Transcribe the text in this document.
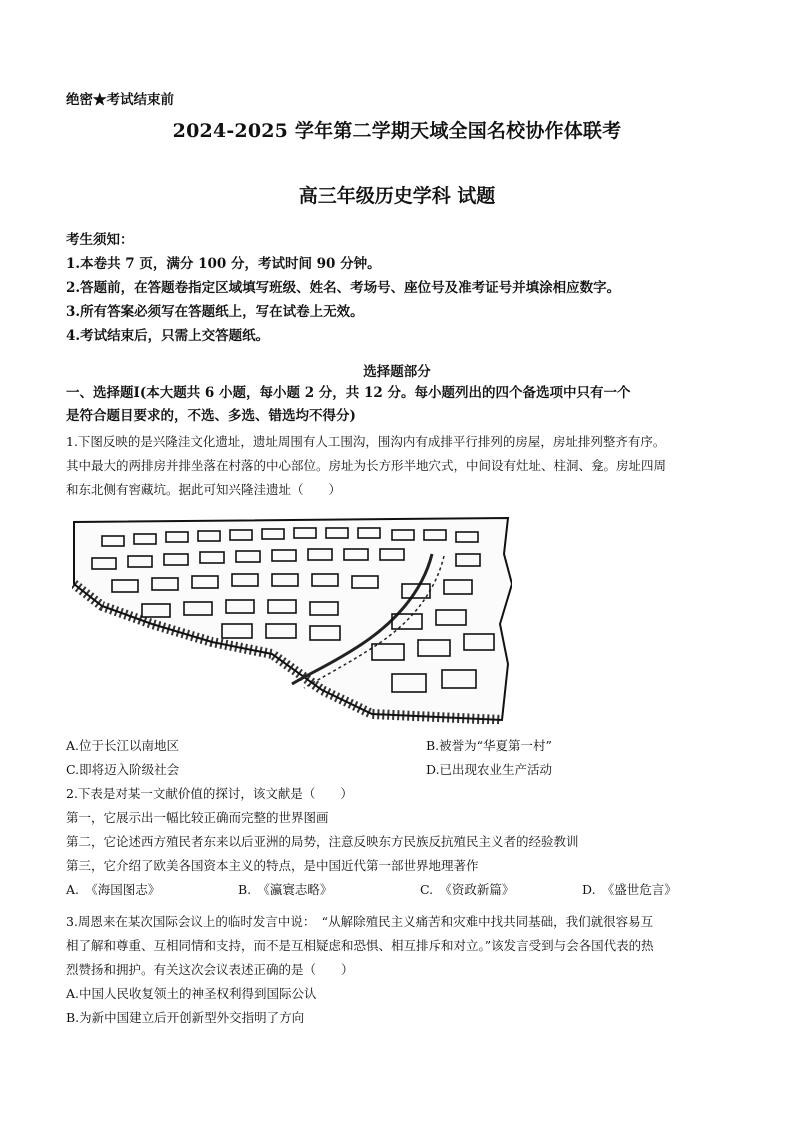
绝密★考试结束前
2024-2025 学年第二学期天域全国名校协作体联考
高三年级历史学科 试题
考生须知：
1.本卷共 7 页，满分 100 分，考试时间 90 分钟。
2.答题前，在答题卷指定区域填写班级、姓名、考场号、座位号及准考证号并填涂相应数字。
3.所有答案必须写在答题纸上，写在试卷上无效。
4.考试结束后，只需上交答题纸。
选择题部分
一、选择题Ⅰ(本大题共 6 小题，每小题 2 分，共 12 分。每小题列出的四个备选项中只有一个
是符合题目要求的，不选、多选、错选均不得分)

1.下图反映的是兴隆洼文化遗址，遗址周围有人工围沟，围沟内有成排平行排列的房屋，房址排列整齐有序。

其中最大的两排房并排坐落在村落的中心部位。房址为长方形半地穴式，中间设有灶址、柱洞、龛。房址四周

和东北侧有窖藏坑。据此可知兴隆洼遗址（　　）

A.位于长江以南地区	B.被誉为“华夏第一村”
C.即将迈入阶级社会	D.已出现农业生产活动

2.下表是对某一文献价值的探讨，该文献是（　　）

第一，它展示出一幅比较正确而完整的世界图画

第二，它论述西方殖民者东来以后亚洲的局势，注意反映东方民族反抗殖民主义者的经验教训

第三，它介绍了欧美各国资本主义的特点，是中国近代第一部世界地理著作

A.　《海国图志》	B.　《瀛寰志略》	C.　《资政新篇》	D.　《盛世危言》

3.周恩来在某次国际会议上的临时发言中说：　“从解除殖民主义痛苦和灾难中找共同基础，我们就很容易互

相了解和尊重、互相同情和支持，而不是互相疑虑和恐惧、相互排斥和对立。”该发言受到与会各国代表的热

烈赞扬和拥护。有关这次会议表述正确的是（　　）

A.中国人民收复领土的神圣权利得到国际公认

B.为新中国建立后开创新型外交指明了方向
